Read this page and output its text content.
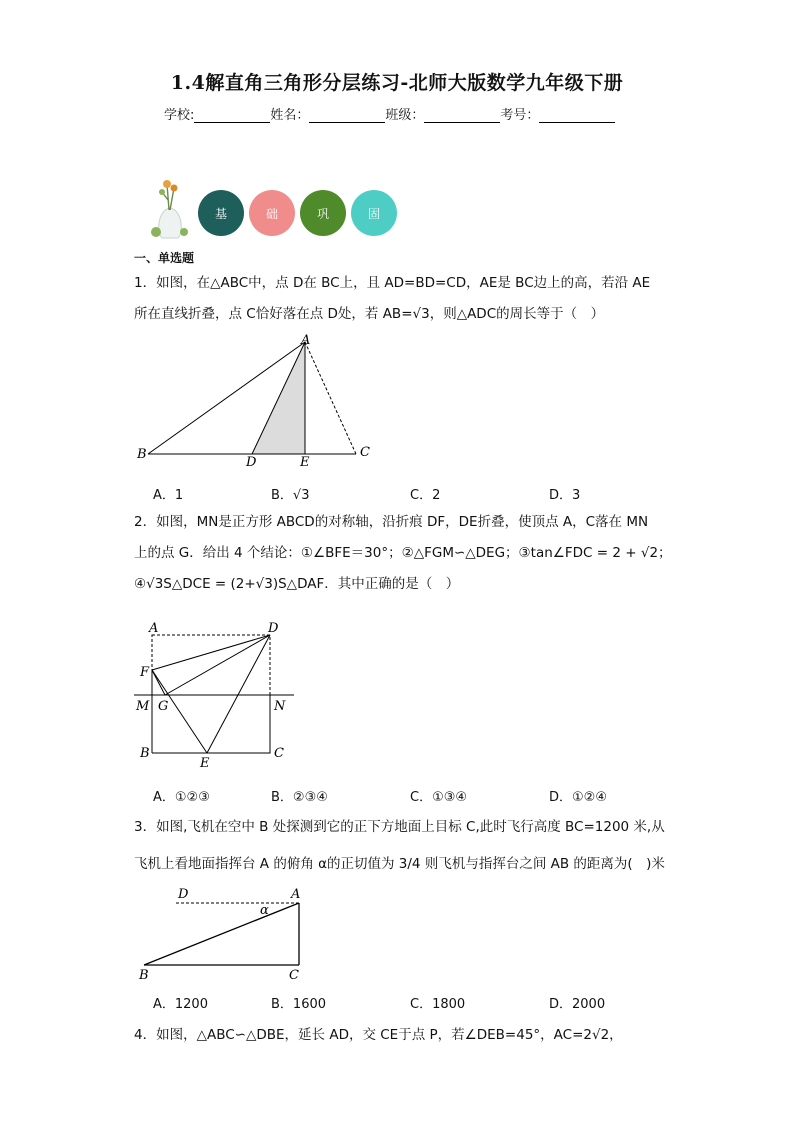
1.4解直角三角形分层练习-北师大版数学九年级下册
学校:	姓名：	班级：	考号：
基	础	巩	固
一、单选题
1．如图，在△ABC中，点 D在 BC上，且 AD=BD=CD，AE是 BC边上的高，若沿 AE
所在直线折叠，点 C恰好落在点 D处，若 AB=√3，则△ADC的周长等于（　）
A
B	C
D	E
A．1	B．√3	C．2	D．3
2．如图，MN是正方形 ABCD的对称轴，沿折痕 DF，DE折叠，使顶点 A，C落在 MN
上的点 G．给出 4 个结论：①∠BFE＝30°；②△FGM∽△DEG；③tan∠FDC = 2 + √2；
④√3S△DCE = (2+√3)S△DAF．其中正确的是（　）
A	D
F
M G	N
B
E
C
A．①②③	B．②③④	C．①③④	D．①②④
3．如图,飞机在空中 B 处探测到它的正下方地面上目标 C,此时飞行高度 BC=1200 米,从
飞机上看地面指挥台 A 的俯角 α的正切值为 3/4 则飞机与指挥台之间 AB 的距离为(　)米
D	A
α
B	C
A．1200	B．1600	C．1800	D．2000
4．如图，△ABC∽△DBE，延长 AD，交 CE于点 P，若∠DEB=45°，AC=2√2，
